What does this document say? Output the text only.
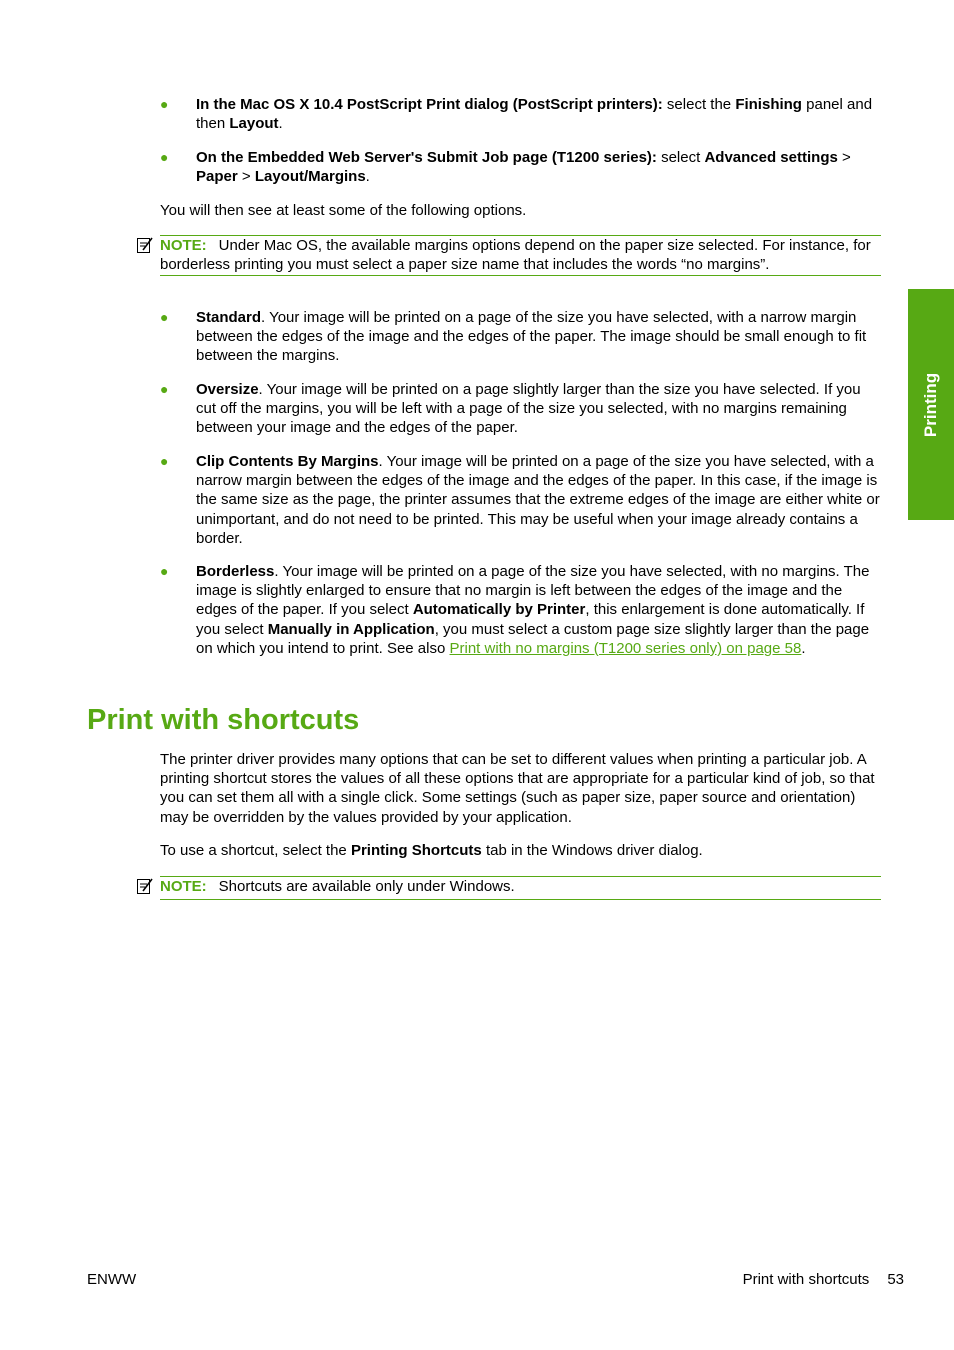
Printing
● In the Mac OS X 10.4 PostScript Print dialog (PostScript printers): select the Finishing panel and then Layout.
● On the Embedded Web Server's Submit Job page (T1200 series): select Advanced settings > Paper > Layout/Margins.
You will then see at least some of the following options.
NOTE: Under Mac OS, the available margins options depend on the paper size selected. For instance, for borderless printing you must select a paper size name that includes the words “no margins”.
● Standard. Your image will be printed on a page of the size you have selected, with a narrow margin between the edges of the image and the edges of the paper. The image should be small enough to fit between the margins.
● Oversize. Your image will be printed on a page slightly larger than the size you have selected. If you cut off the margins, you will be left with a page of the size you selected, with no margins remaining between your image and the edges of the paper.
● Clip Contents By Margins. Your image will be printed on a page of the size you have selected, with a narrow margin between the edges of the image and the edges of the paper. In this case, if the image is the same size as the page, the printer assumes that the extreme edges of the image are either white or unimportant, and do not need to be printed. This may be useful when your image already contains a border.
● Borderless. Your image will be printed on a page of the size you have selected, with no margins. The image is slightly enlarged to ensure that no margin is left between the edges of the image and the edges of the paper. If you select Automatically by Printer, this enlargement is done automatically. If you select Manually in Application, you must select a custom page size slightly larger than the page on which you intend to print. See also Print with no margins (T1200 series only) on page 58.
Print with shortcuts
The printer driver provides many options that can be set to different values when printing a particular job. A printing shortcut stores the values of all these options that are appropriate for a particular kind of job, so that you can set them all with a single click. Some settings (such as paper size, paper source and orientation) may be overridden by the values provided by your application.
To use a shortcut, select the Printing Shortcuts tab in the Windows driver dialog.
NOTE: Shortcuts are available only under Windows.
ENWW	Print with shortcuts 53
